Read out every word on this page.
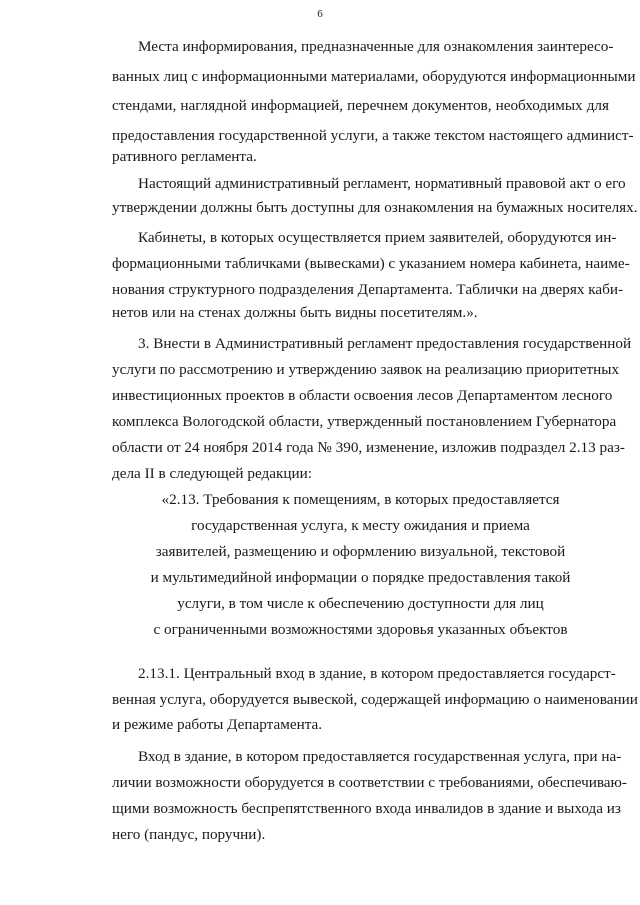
6
Места информирования, предназначенные для ознакомления заинтересо-
ванных лиц с информационными материалами, оборудуются информационными
стендами, наглядной информацией, перечнем документов, необходимых для
предоставления государственной услуги, а также текстом настоящего админист-
ративного регламента.
Настоящий административный регламент, нормативный правовой акт о его
утверждении должны быть доступны для ознакомления на бумажных носителях.
Кабинеты, в которых осуществляется прием заявителей, оборудуются ин-
формационными табличками (вывесками) с указанием номера кабинета, наиме-
нования структурного подразделения Департамента. Таблички на дверях каби-
нетов или на стенах должны быть видны посетителям.».
3. Внести в Административный регламент предоставления государственной
услуги по рассмотрению и утверждению заявок на реализацию приоритетных
инвестиционных проектов в области освоения лесов Департаментом лесного
комплекса Вологодской области, утвержденный постановлением Губернатора
области от 24 ноября 2014 года № 390, изменение, изложив подраздел 2.13 раз-
дела II в следующей редакции:
«2.13. Требования к помещениям, в которых предоставляется
государственная услуга, к месту ожидания и приема
заявителей, размещению и оформлению визуальной, текстовой
и мультимедийной информации о порядке предоставления такой
услуги, в том числе к обеспечению доступности для лиц
с ограниченными возможностями здоровья указанных объектов
2.13.1. Центральный вход в здание, в котором предоставляется государст-
венная услуга, оборудуется вывеской, содержащей информацию о наименовании
и режиме работы Департамента.
Вход в здание, в котором предоставляется государственная услуга, при на-
личии возможности оборудуется в соответствии с требованиями, обеспечиваю-
щими возможность беспрепятственного входа инвалидов в здание и выхода из
него (пандус, поручни).
